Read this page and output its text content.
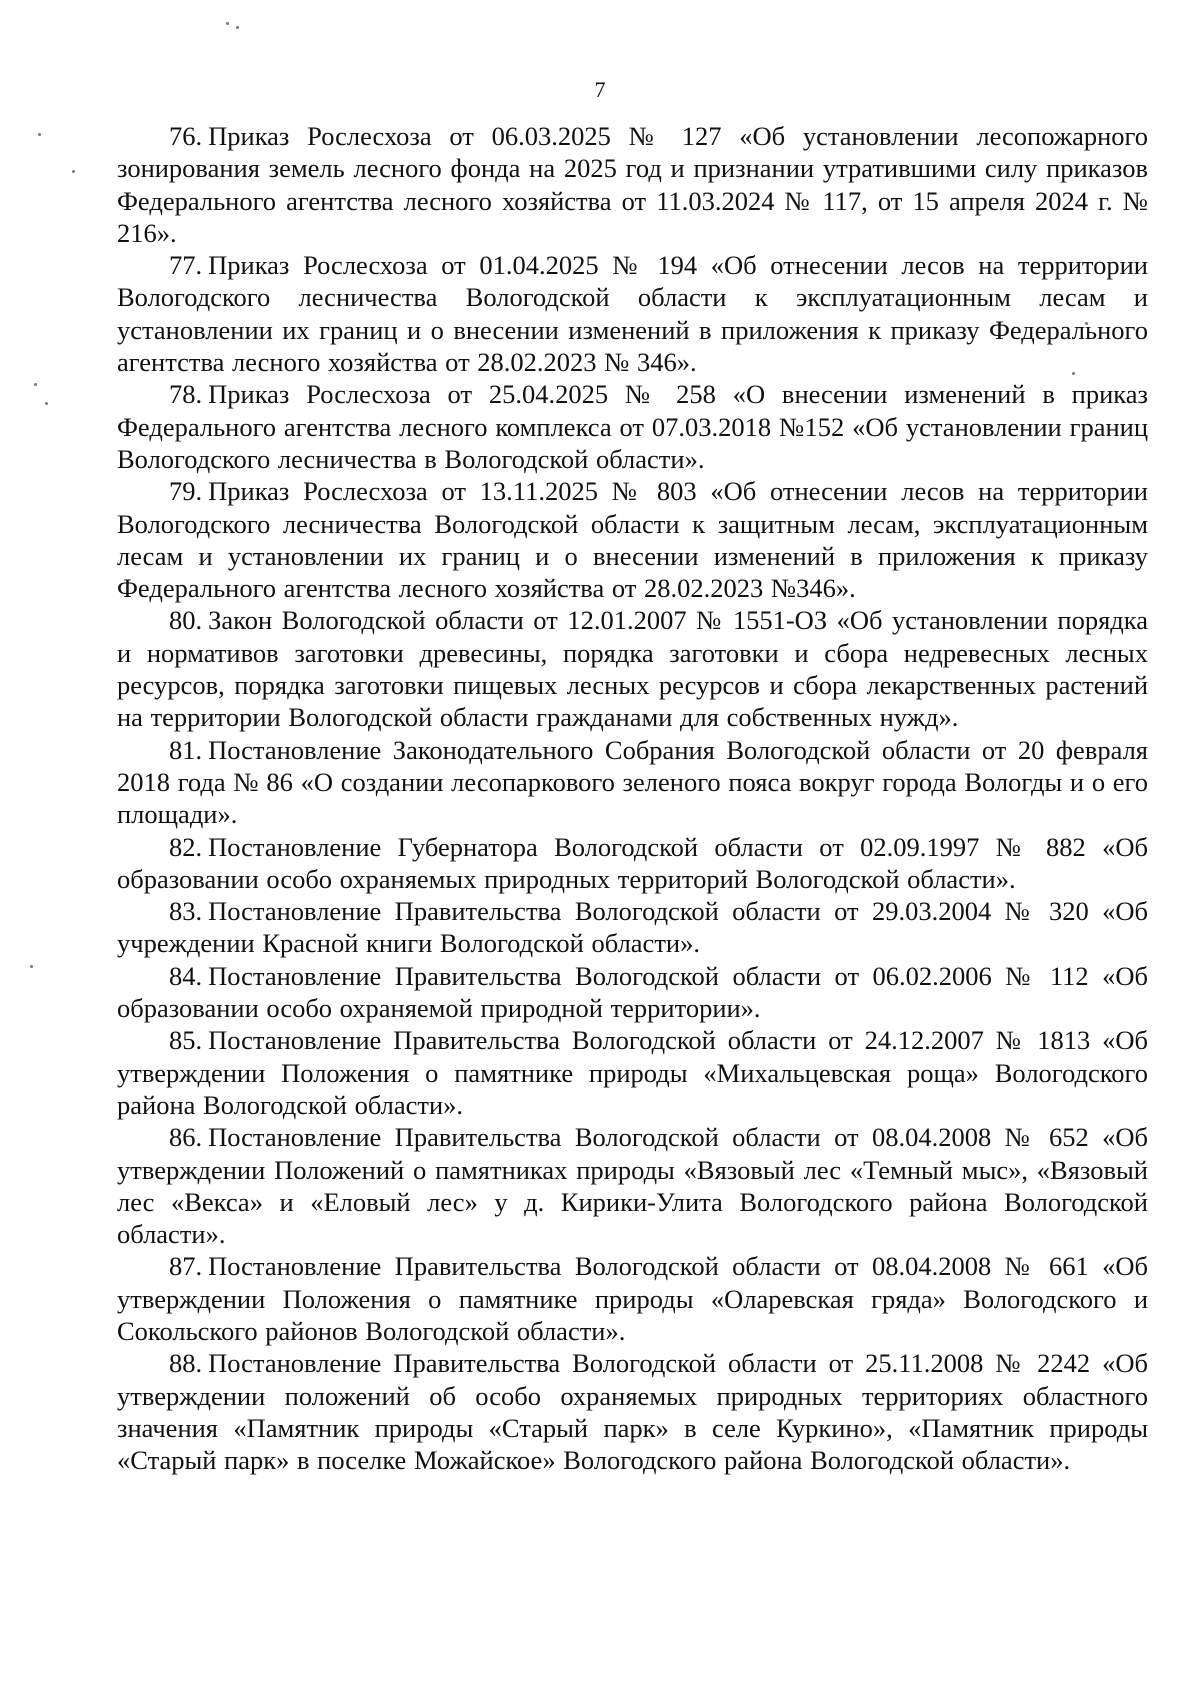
7

76. Приказ Рослесхоза от 06.03.2025 № 127 «Об установлении лесопожарного зонирования земель лесного фонда на 2025 год и признании утратившими силу приказов Федерального агентства лесного хозяйства от 11.03.2024 № 117, от 15 апреля 2024 г. № 216».

77. Приказ Рослесхоза от 01.04.2025 № 194 «Об отнесении лесов на территории Вологодского лесничества Вологодской области к эксплуатационным лесам и установлении их границ и о внесении изменений в приложения к приказу Федерального агентства лесного хозяйства от 28.02.2023 № 346».

78. Приказ Рослесхоза от 25.04.2025 № 258 «О внесении изменений в приказ Федерального агентства лесного комплекса от 07.03.2018 №152 «Об установлении границ Вологодского лесничества в Вологодской области».

79. Приказ Рослесхоза от 13.11.2025 № 803 «Об отнесении лесов на территории Вологодского лесничества Вологодской области к защитным лесам, эксплуатационным лесам и установлении их границ и о внесении изменений в приложения к приказу Федерального агентства лесного хозяйства от 28.02.2023 №346».

80. Закон Вологодской области от 12.01.2007 № 1551-ОЗ «Об установлении порядка и нормативов заготовки древесины, порядка заготовки и сбора недревесных лесных ресурсов, порядка заготовки пищевых лесных ресурсов и сбора лекарственных растений на территории Вологодской области гражданами для собственных нужд».

81. Постановление Законодательного Собрания Вологодской области от 20 февраля 2018 года № 86 «О создании лесопаркового зеленого пояса вокруг города Вологды и о его площади».

82. Постановление Губернатора Вологодской области от 02.09.1997 № 882 «Об образовании особо охраняемых природных территорий Вологодской области».

83. Постановление Правительства Вологодской области от 29.03.2004 № 320 «Об учреждении Красной книги Вологодской области».

84. Постановление Правительства Вологодской области от 06.02.2006 № 112 «Об образовании особо охраняемой природной территории».

85. Постановление Правительства Вологодской области от 24.12.2007 № 1813 «Об утверждении Положения о памятнике природы «Михальцевская роща» Вологодского района Вологодской области».

86. Постановление Правительства Вологодской области от 08.04.2008 № 652 «Об утверждении Положений о памятниках природы «Вязовый лес «Темный мыс», «Вязовый лес «Векса» и «Еловый лес» у д. Кирики-Улита Вологодского района Вологодской области».

87. Постановление Правительства Вологодской области от 08.04.2008 № 661 «Об утверждении Положения о памятнике природы «Оларевская гряда» Вологодского и Сокольского районов Вологодской области».

88. Постановление Правительства Вологодской области от 25.11.2008 № 2242 «Об утверждении положений об особо охраняемых природных территориях областного значения «Памятник природы «Старый парк» в селе Куркино», «Памятник природы «Старый парк» в поселке Можайское» Вологодского района Вологодской области».
